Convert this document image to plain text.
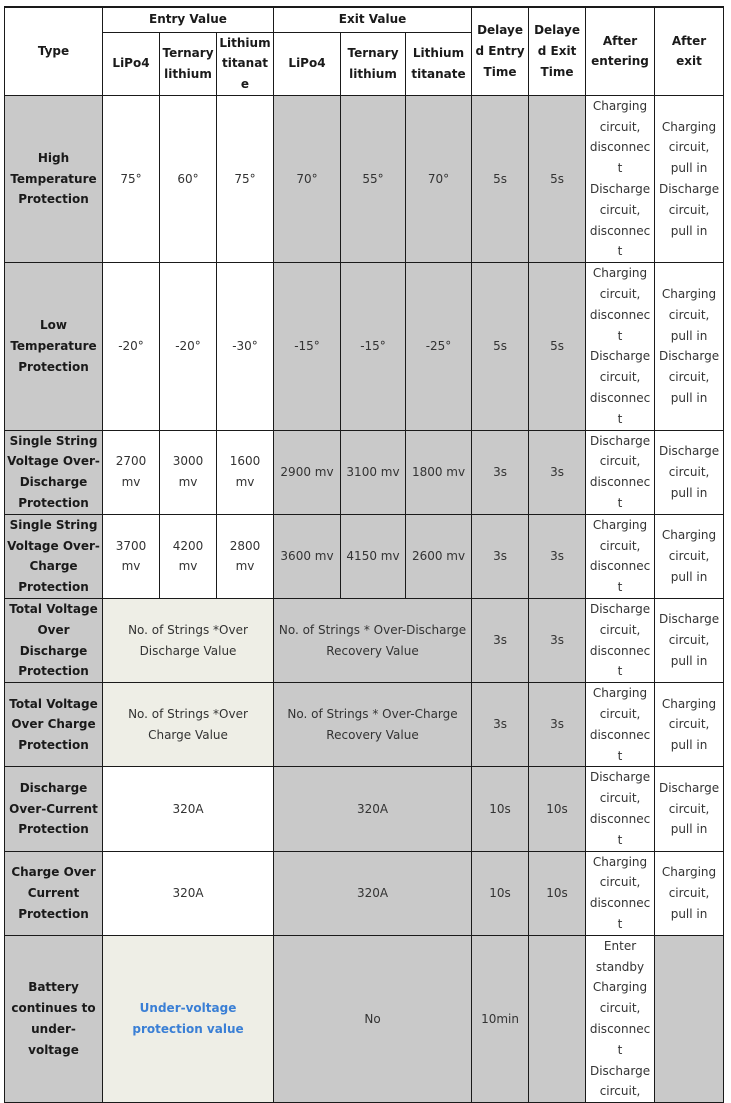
Type	Entry Value			Exit Value			Delayed Entry Time	Delayed Exit Time	After entering	After exit
	LiPo4	Ternary lithium	Lithium titanate	LiPo4	Ternary lithium	Lithium titanate				
High Temperature Protection	75°	60°	75°	70°	55°	70°	5s	5s	Charging circuit, disconnect Discharge circuit, disconnect	Charging circuit, pull in Discharge circuit, pull in
Low Temperature Protection	-20°	-20°	-30°	-15°	-15°	-25°	5s	5s	Charging circuit, disconnect Discharge circuit, disconnect	Charging circuit, pull in Discharge circuit, pull in
Single String Voltage Over-Discharge Protection	2700 mv	3000 mv	1600 mv	2900 mv	3100 mv	1800 mv	3s	3s	Discharge circuit, disconnect	Discharge circuit, pull in
Single String Voltage Over-Charge Protection	3700 mv	4200 mv	2800 mv	3600 mv	4150 mv	2600 mv	3s	3s	Charging circuit, disconnect	Charging circuit, pull in
Total Voltage Over Discharge Protection	No. of Strings *Over Discharge Value			No. of Strings * Over-Discharge Recovery Value			3s	3s	Discharge circuit, disconnect	Discharge circuit, pull in
Total Voltage Over Charge Protection	No. of Strings *Over Charge Value			No. of Strings * Over-Charge Recovery Value			3s	3s	Charging circuit, disconnect	Charging circuit, pull in
Discharge Over-Current Protection	320A			320A			10s	10s	Discharge circuit, disconnect	Discharge circuit, pull in
Charge Over Current Protection	320A			320A			10s	10s	Charging circuit, disconnect	Charging circuit, pull in
Battery continues to under-voltage	Under-voltage protection value			No			10min		Enter standby Charging circuit, disconnect Discharge circuit,	
